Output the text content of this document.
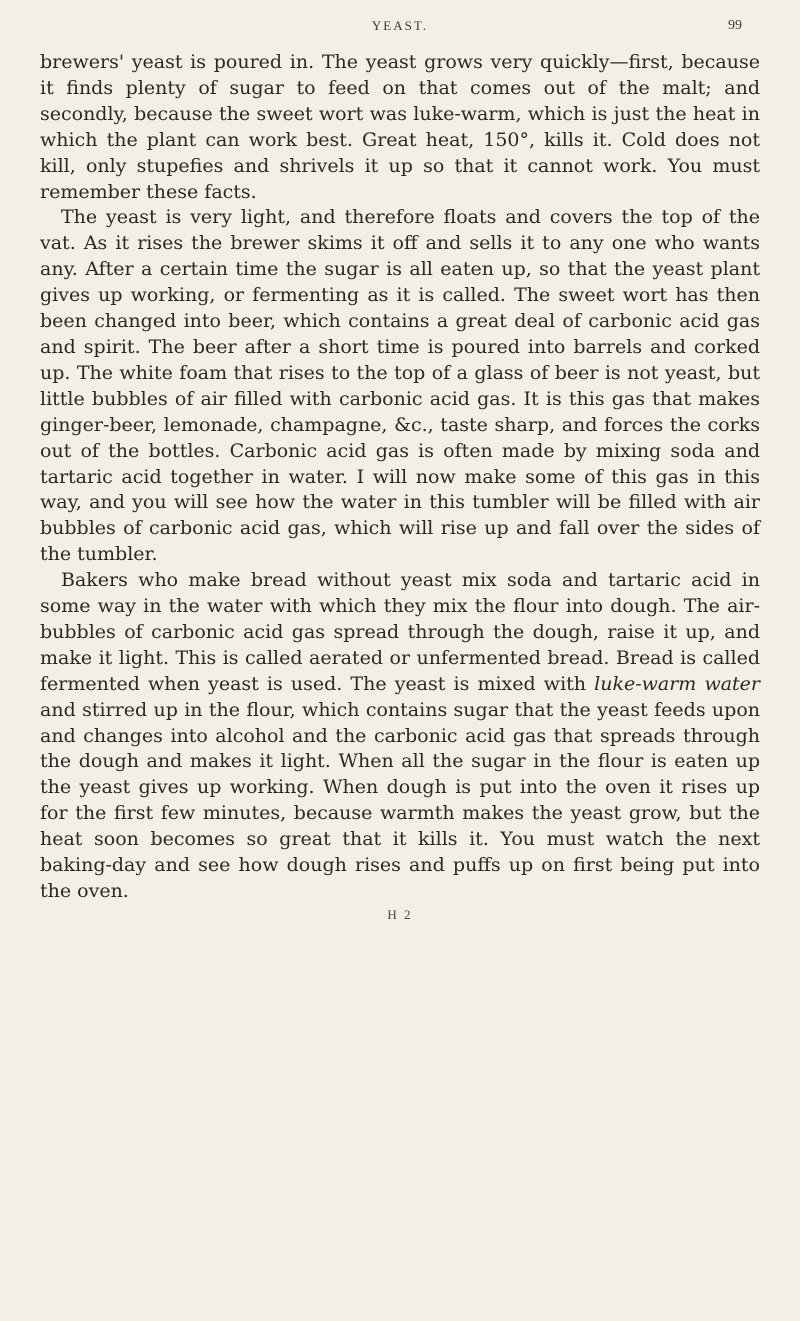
YEAST.	99

brewers' yeast is poured in. The yeast grows very quickly—first, because it finds plenty of sugar to feed on that comes out of the malt; and secondly, because the sweet wort was luke-warm, which is just the heat in which the plant can work best. Great heat, 150°, kills it. Cold does not kill, only stupefies and shrivels it up so that it cannot work. You must remember these facts.

The yeast is very light, and therefore floats and covers the top of the vat. As it rises the brewer skims it off and sells it to any one who wants any. After a certain time the sugar is all eaten up, so that the yeast plant gives up working, or fermenting as it is called. The sweet wort has then been changed into beer, which contains a great deal of carbonic acid gas and spirit. The beer after a short time is poured into barrels and corked up. The white foam that rises to the top of a glass of beer is not yeast, but little bubbles of air filled with carbonic acid gas. It is this gas that makes ginger-beer, lemonade, champagne, &c., taste sharp, and forces the corks out of the bottles. Carbonic acid gas is often made by mixing soda and tartaric acid together in water. I will now make some of this gas in this way, and you will see how the water in this tumbler will be filled with air bubbles of carbonic acid gas, which will rise up and fall over the sides of the tumbler.

Bakers who make bread without yeast mix soda and tartaric acid in some way in the water with which they mix the flour into dough. The air-bubbles of carbonic acid gas spread through the dough, raise it up, and make it light. This is called aerated or unfermented bread. Bread is called fermented when yeast is used. The yeast is mixed with luke-warm water and stirred up in the flour, which contains sugar that the yeast feeds upon and changes into alcohol and the carbonic acid gas that spreads through the dough and makes it light. When all the sugar in the flour is eaten up the yeast gives up working. When dough is put into the oven it rises up for the first few minutes, because warmth makes the yeast grow, but the heat soon becomes so great that it kills it. You must watch the next baking-day and see how dough rises and puffs up on first being put into the oven.

H 2
